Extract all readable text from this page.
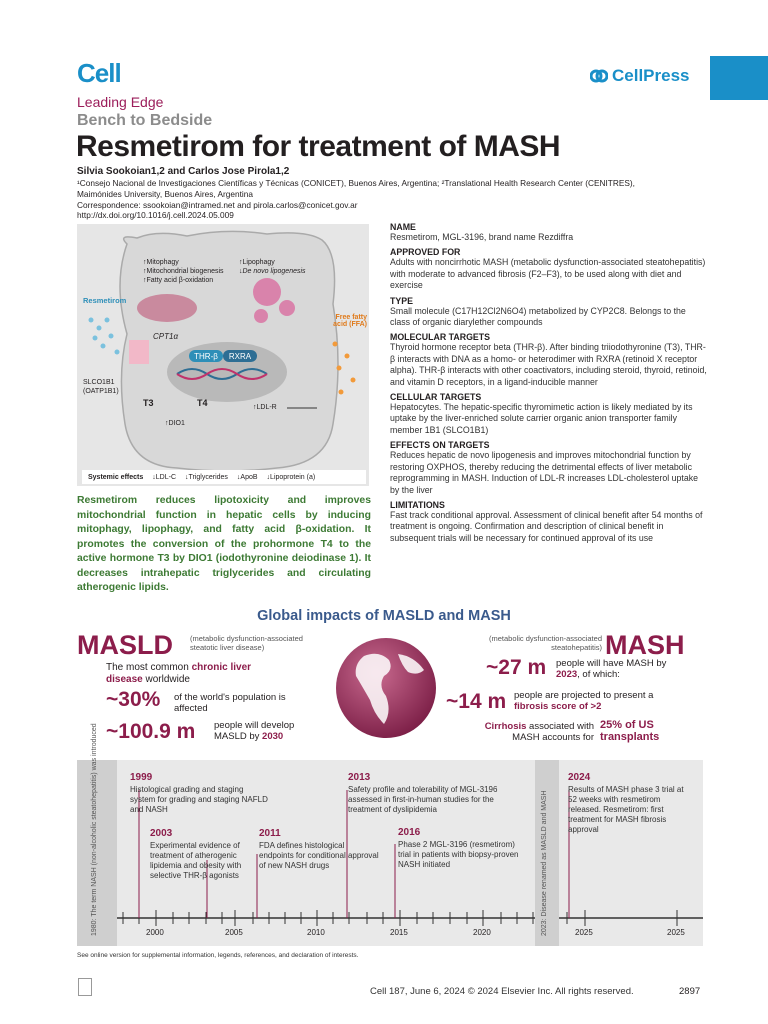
Cell	CellPress
Leading Edge
Bench to Bedside
Resmetirom for treatment of MASH
Silvia Sookoian1,2 and Carlos Jose Pirola1,2
¹Consejo Nacional de Investigaciones Científicas y Técnicas (CONICET), Buenos Aires, Argentina; ²Translational Health Research Center (CENITRES),
Maimónides University, Buenos Aires, Argentina
Correspondence: ssookoian@intramed.net and pirola.carlos@conicet.gov.ar
http://dx.doi.org/10.1016/j.cell.2024.05.009
THR-β RXRA
↑Mitophagy
↑Mitochondrial biogenesis
↑Fatty acid β-oxidation
↑Lipophagy
↓De novo lipogenesis
Resmetirom
Free fatty acid (FFA)
CPT1α
SLCO1B1 (OATP1B1)
T3	T4
↑DIO1
↑LDL-R
Systemic effects ↓LDL-C ↓Triglycerides ↓ApoB ↓Lipoprotein (a)
Resmetirom reduces lipotoxicity and improves mitochondrial function in hepatic cells by inducing mitophagy, lipophagy, and fatty acid β-oxidation. It promotes the conversion of the prohormone T4 to the active hormone T3 by DIO1 (iodothyronine deiodinase 1). It decreases intrahepatic triglycerides and circulating atherogenic lipids.
NAME

Resmetirom, MGL-3196, brand name Rezdiffra

APPROVED FOR

Adults with noncirrhotic MASH (metabolic dysfunction-associated steatohepatitis) with moderate to advanced fibrosis (F2–F3), to be used along with diet and exercise

TYPE

Small molecule (C17H12Cl2N6O4) metabolized by CYP2C8. Belongs to the class of organic diarylether compounds

MOLECULAR TARGETS

Thyroid hormone receptor beta (THR-β). After binding triiodothyronine (T3), THR-β interacts with DNA as a homo- or heterodimer with RXRA (retinoid X receptor alpha). THR-β interacts with other coactivators, including steroid, thyroid, retinoid, and vitamin D receptors, in a ligand-inducible manner

CELLULAR TARGETS

Hepatocytes. The hepatic-specific thyromimetic action is likely mediated by its uptake by the liver-enriched solute carrier organic anion transporter family member 1B1 (SLCO1B1)

EFFECTS ON TARGETS

Reduces hepatic de novo lipogenesis and improves mitochondrial function by restoring OXPHOS, thereby reducing the detrimental effects of liver metabolic reprogramming in MASH. Induction of LDL-R increases LDL-cholesterol uptake by the liver

LIMITATIONS

Fast track conditional approval. Assessment of clinical benefit after 54 months of treatment is ongoing. Confirmation and description of clinical benefit in subsequent trials will be necessary for continued approval of its use

Global impacts of MASLD and MASH
MASLD (metabolic dysfunction-associated steatotic liver disease)
The most common chronic liver disease worldwide
~30% of the world's population is affected
~100.9 m people will develop MASLD by 2030
(metabolic dysfunction-associated steatohepatitis) MASH
~27 m people will have MASH by 2023, of which:
~14 m people are projected to present a fibrosis score of >2
Cirrhosis associated with MASH accounts for
25% of US transplants
1980: The term NASH (non-alcoholic steatohepatitis) was introduced	2023: Disease renamed as MASLD and MASH
1999
Histological grading and staging system for grading and staging NAFLD and NASH
2003
Experimental evidence of treatment of atherogenic lipidemia and obesity with selective THR-β agonists
2011
FDA defines histological endpoints for conditional approval of new NASH drugs
2013
Safety profile and tolerability of MGL-3196 assessed in first-in-human studies for the treatment of dyslipidemia
2016
Phase 2 MGL-3196 (resmetirom) trial in patients with biopsy-proven NASH initiated
2024
Results of MASH phase 3 trial at 52 weeks with resmetirom released. Resmetirom: first treatment for MASH fibrosis approval
2000	2005	2010	2015	2020	2025	2025
See online version for supplemental information, legends, references, and declaration of interests.
Cell 187, June 6, 2024 © 2024 Elsevier Inc. All rights reserved.	2897
